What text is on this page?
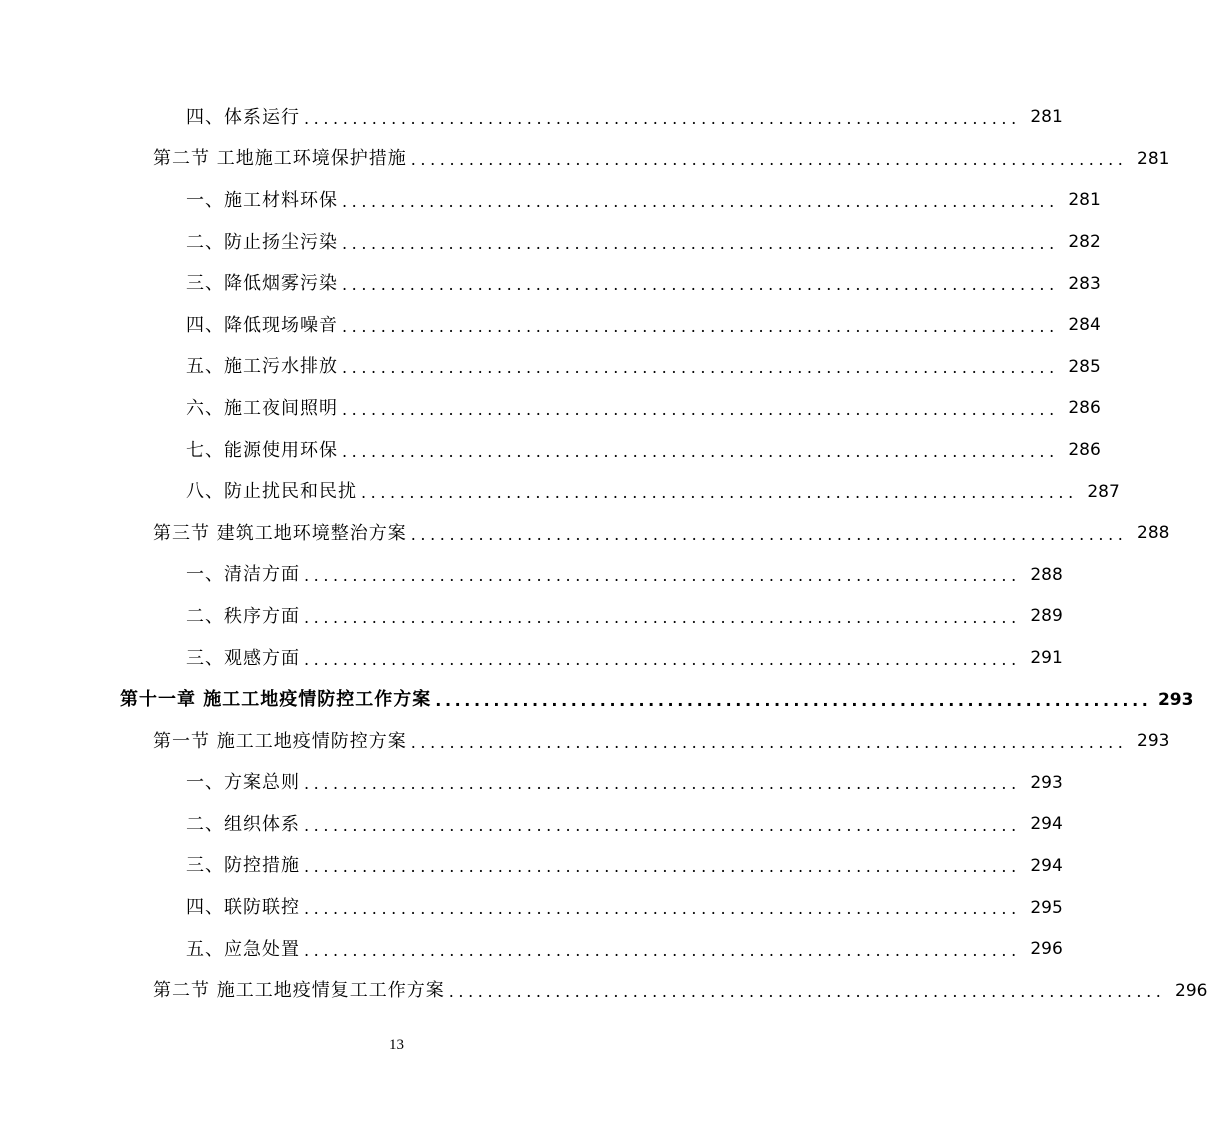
四、体系运行 .......................................................................... 281
第二节 工地施工环境保护措施 .......................................................................... 281
一、施工材料环保 .......................................................................... 281
二、防止扬尘污染 .......................................................................... 282
三、降低烟雾污染 .......................................................................... 283
四、降低现场噪音 .......................................................................... 284
五、施工污水排放 .......................................................................... 285
六、施工夜间照明 .......................................................................... 286
七、能源使用环保 .......................................................................... 286
八、防止扰民和民扰 .......................................................................... 287
第三节 建筑工地环境整治方案 .......................................................................... 288
一、清洁方面 .......................................................................... 288
二、秩序方面 .......................................................................... 289
三、观感方面 .......................................................................... 291
第十一章 施工工地疫情防控工作方案 .......................................................................... 293
第一节 施工工地疫情防控方案 .......................................................................... 293
一、方案总则 .......................................................................... 293
二、组织体系 .......................................................................... 294
三、防控措施 .......................................................................... 294
四、联防联控 .......................................................................... 295
五、应急处置 .......................................................................... 296
第二节 施工工地疫情复工工作方案 .......................................................................... 296
13
